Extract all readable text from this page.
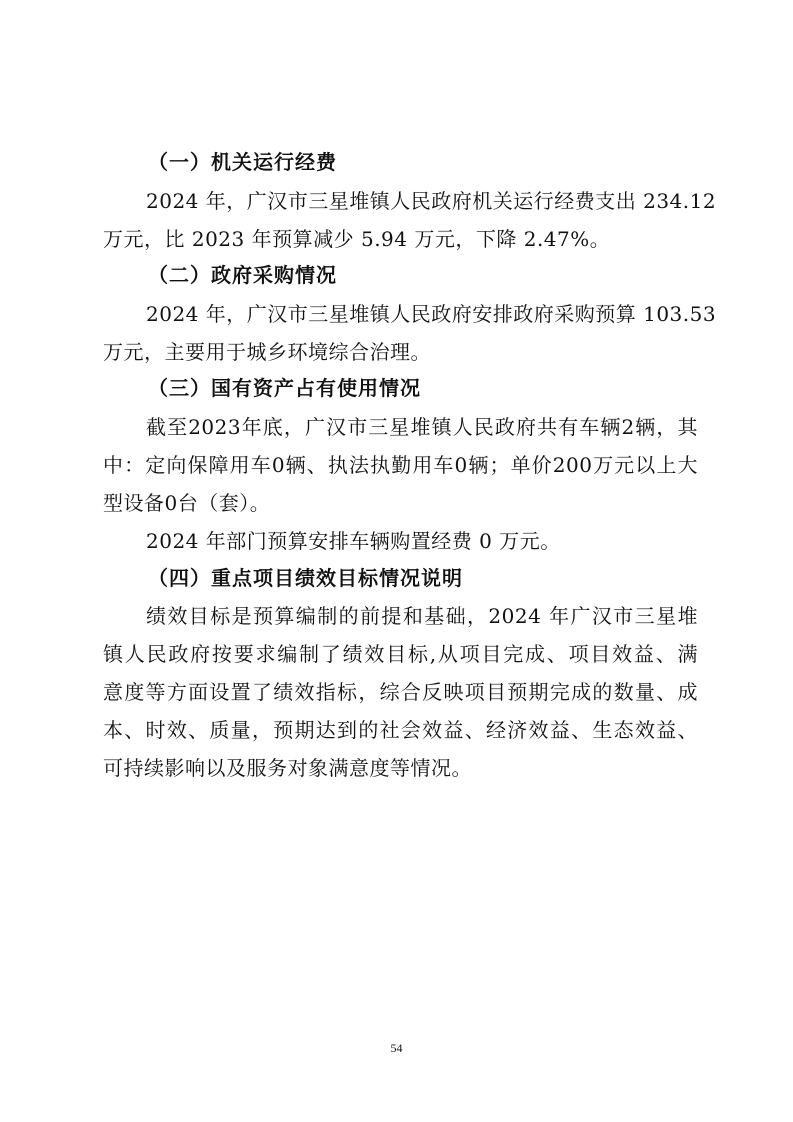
（一）机关运行经费

2024 年，广汉市三星堆镇人民政府机关运行经费支出 234.12

万元，比 2023 年预算减少 5.94 万元，下降 2.47%。

（二）政府采购情况

2024 年，广汉市三星堆镇人民政府安排政府采购预算 103.53

万元，主要用于城乡环境综合治理。

（三）国有资产占有使用情况

截至2023年底，广汉市三星堆镇人民政府共有车辆2辆，其

中：定向保障用车0辆、执法执勤用车0辆；单价200万元以上大

型设备0台（套）。

2024 年部门预算安排车辆购置经费 0 万元。

（四）重点项目绩效目标情况说明

绩效目标是预算编制的前提和基础，2024 年广汉市三星堆

镇人民政府按要求编制了绩效目标,从项目完成、项目效益、满

意度等方面设置了绩效指标，综合反映项目预期完成的数量、成

本、时效、质量，预期达到的社会效益、经济效益、生态效益、

可持续影响以及服务对象满意度等情况。

54
